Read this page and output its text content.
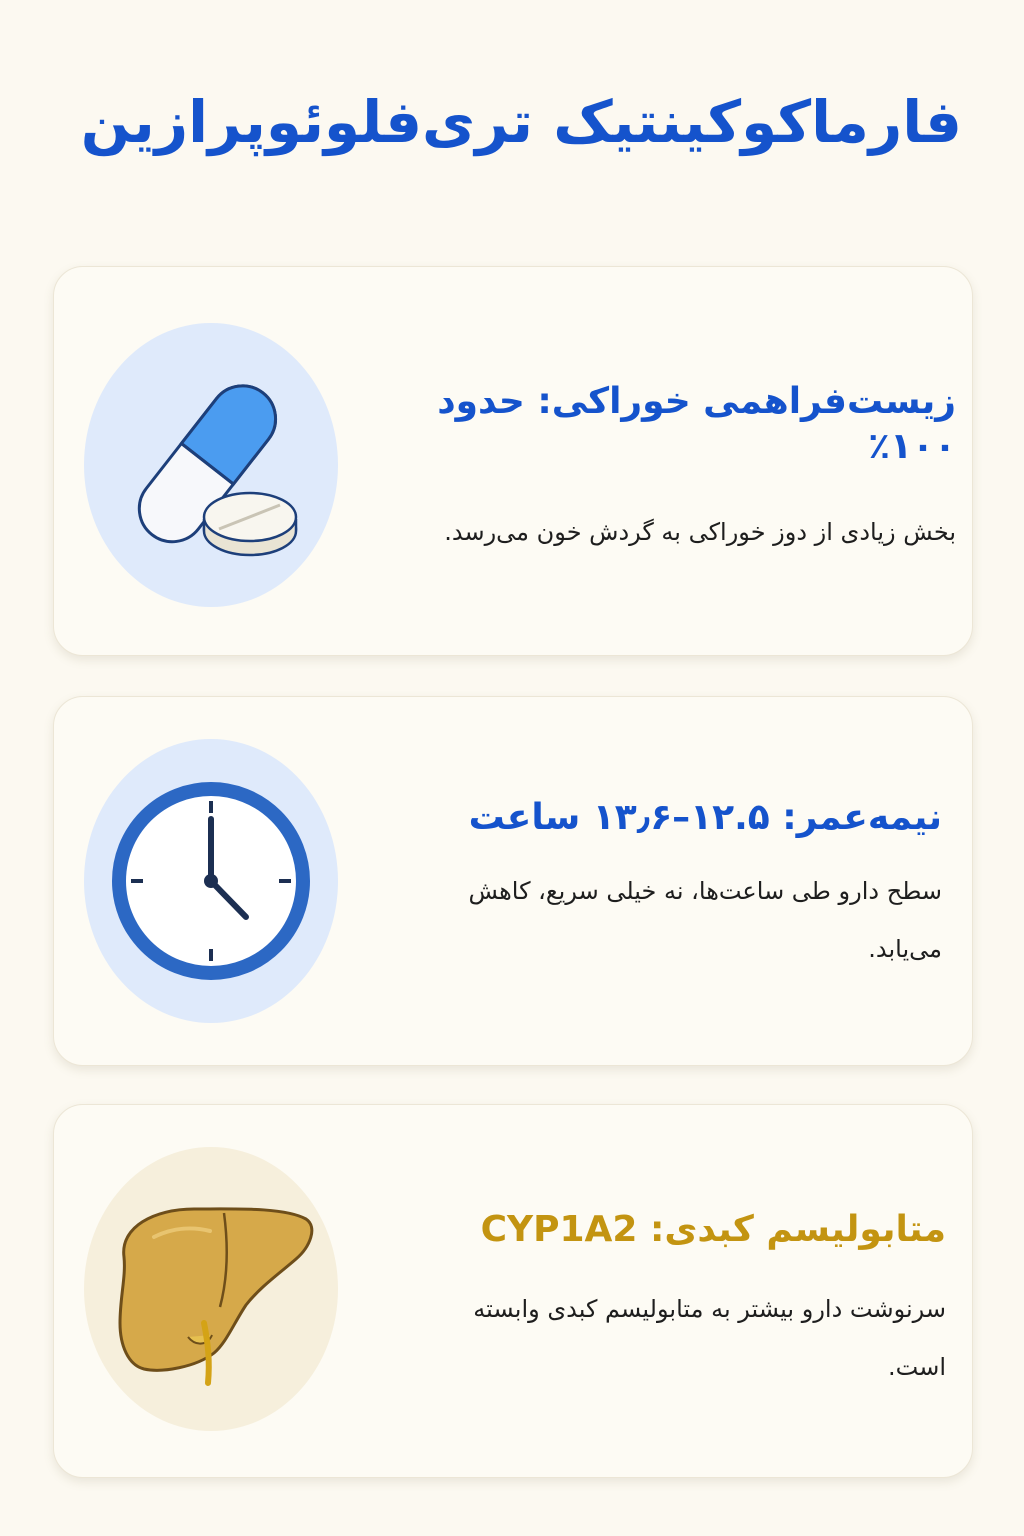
فارماکوکینتیک تری‌فلوئوپرازین
زیست‌فراهمی خوراکی: حدود ۱۰۰٪

بخش زیادی از دوز خوراکی به گردش خون می‌رسد.

نیمه‌عمر: ۱۲.۵–۱۳٫۶ ساعت

سطح دارو طی ساعت‌ها، نه خیلی سریع، کاهش می‌یابد.

متابولیسم کبدی: CYP1A2

سرنوشت دارو بیشتر به متابولیسم کبدی وابسته است.
